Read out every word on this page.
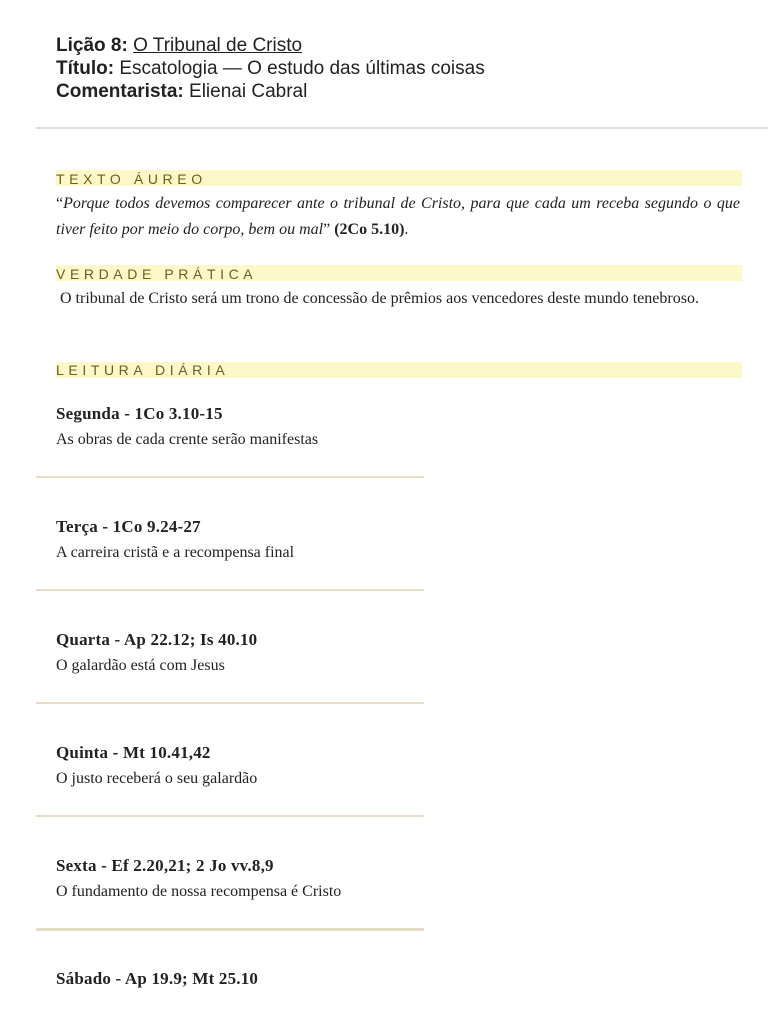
Lição 8: O Tribunal de Cristo
Título: Escatologia — O estudo das últimas coisas
Comentarista: Elienai Cabral
TEXTO ÁUREO
“Porque todos devemos comparecer ante o tribunal de Cristo, para que cada um receba segundo o que tiver feito por meio do corpo, bem ou mal” (2Co 5.10).
VERDADE PRÁTICA
O tribunal de Cristo será um trono de concessão de prêmios aos vencedores deste mundo tenebroso.
LEITURA DIÁRIA
Segunda - 1Co 3.10-15
As obras de cada crente serão manifestas
Terça - 1Co 9.24-27
A carreira cristã e a recompensa final
Quarta - Ap 22.12; Is 40.10
O galardão está com Jesus
Quinta - Mt 10.41,42
O justo receberá o seu galardão
Sexta - Ef 2.20,21; 2 Jo vv.8,9
O fundamento de nossa recompensa é Cristo
Sábado - Ap 19.9; Mt 25.10
